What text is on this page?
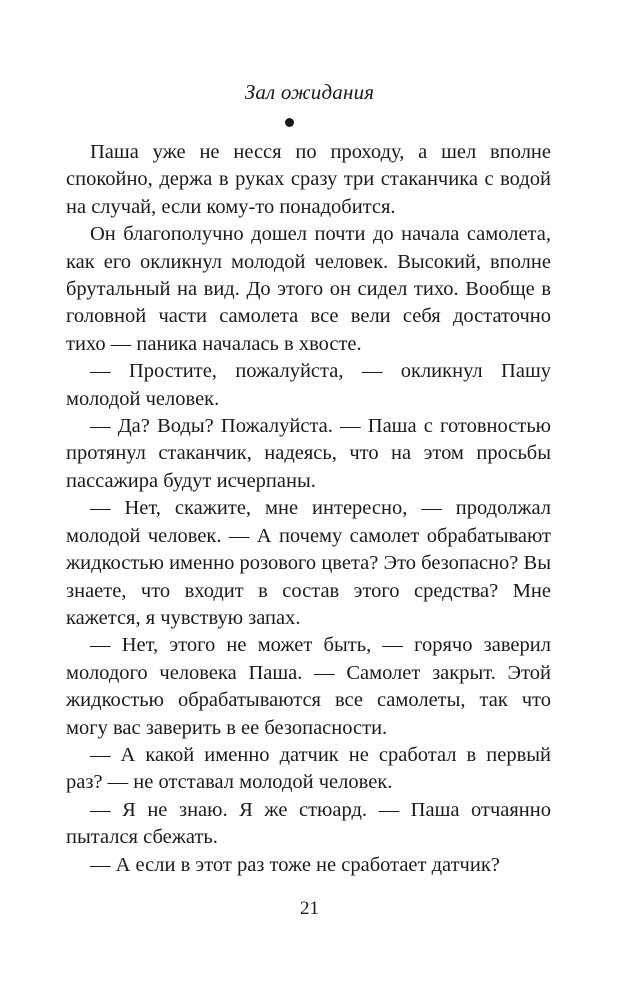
Зал ожидания

Паша уже не несся по проходу, а шел вполне спокойно, держа в руках сразу три стаканчика с водой на случай, если кому-то понадобится.

Он благополучно дошел почти до начала самолета, как его окликнул молодой человек. Высокий, вполне брутальный на вид. До этого он сидел тихо. Вообще в головной части самолета все вели себя достаточно тихо — паника началась в хвосте.

— Простите, пожалуйста, — окликнул Пашу молодой человек.

— Да? Воды? Пожалуйста. — Паша с готовностью протянул стаканчик, надеясь, что на этом просьбы пассажира будут исчерпаны.

— Нет, скажите, мне интересно, — продолжал молодой человек. — А почему самолет обрабатывают жидкостью именно розового цвета? Это безопасно? Вы знаете, что входит в состав этого средства? Мне кажется, я чувствую запах.

— Нет, этого не может быть, — горячо заверил молодого человека Паша. — Самолет закрыт. Этой жидкостью обрабатываются все самолеты, так что могу вас заверить в ее безопасности.

— А какой именно датчик не сработал в первый раз? — не отставал молодой человек.

— Я не знаю. Я же стюард. — Паша отчаянно пытался сбежать.

— А если в этот раз тоже не сработает датчик?

21
